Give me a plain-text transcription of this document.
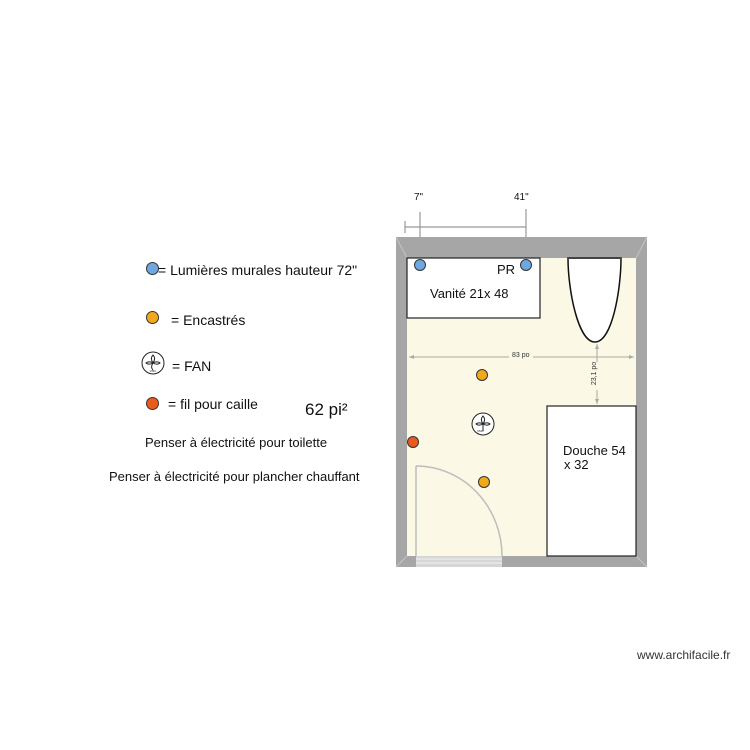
= Lumières murales hauteur 72"
= Encastrés
VMC = FAN
= fil pour caille	62 pi²
Penser à électricité pour toilette
Penser à électricité pour plancher chauffant
7"	41"
PR
Vanité 21x 48
83 po
23,1 po
VMC
Douche 54
x 32
www.archifacile.fr
